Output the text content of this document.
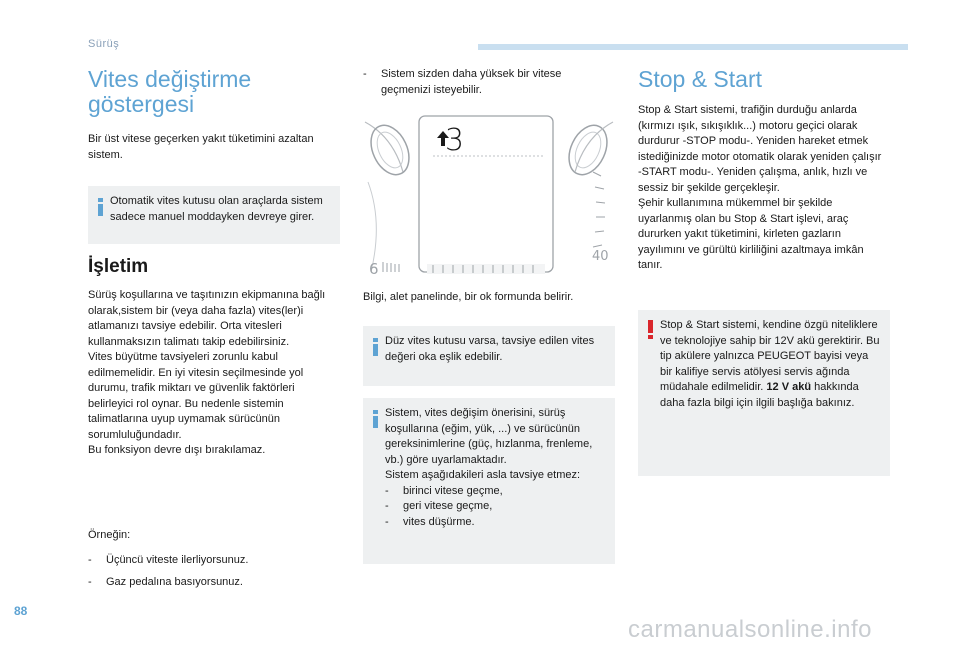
Sürüş
Vites değiştirme
göstergesi

Bir üst vitese geçerken yakıt tüketimini azaltan sistem.

Otomatik vites kutusu olan araçlarda sistem sadece manuel moddayken devreye girer.
İşletim

Sürüş koşullarına ve taşıtınızın ekipmanına bağlı olarak,sistem bir (veya daha fazla) vites(ler)i atlamanızı tavsiye edebilir. Orta vitesleri kullanmaksızın talimatı takip edebilirsiniz.

Vites büyütme tavsiyeleri zorunlu kabul edilmemelidir. En iyi vitesin seçilmesinde yol durumu, trafik miktarı ve güvenlik faktörleri belirleyici rol oynar. Bu nedenle sistemin talimatlarına uyup uymamak sürücünün sorumluluğundadır.

Bu fonksiyon devre dışı bırakılamaz.

Örneğin:

- Üçüncü viteste ilerliyorsunuz.
- Gaz pedalına basıyorsunuz.
- Sistem sizden daha yüksek bir vitese geçmenizi isteyebilir.
6
40
3
Bilgi, alet panelinde, bir ok formunda belirir.
Düz vites kutusu varsa, tavsiye edilen vites değeri oka eşlik edebilir.
Sistem, vites değişim önerisini, sürüş koşullarına (eğim, yük, ...) ve sürücünün gereksinimlerine (güç, hızlanma, frenleme, vb.) göre uyarlamaktadır.
Sistem aşağıdakileri asla tavsiye etmez:
- birinci vitese geçme,
- geri vitese geçme,
- vites düşürme.
Stop & Start

Stop & Start sistemi, trafiğin durduğu anlarda (kırmızı ışık, sıkışıklık...) motoru geçici olarak durdurur -STOP modu-. Yeniden hareket etmek istediğinizde motor otomatik olarak yeniden çalışır -START modu-. Yeniden çalışma, anlık, hızlı ve sessiz bir şekilde gerçekleşir.

Şehir kullanımına mükemmel bir şekilde uyarlanmış olan bu Stop & Start işlevi, araç dururken yakıt tüketimini, kirleten gazların yayılımını ve gürültü kirliliğini azaltmaya imkân tanır.

Stop & Start sistemi, kendine özgü niteliklere ve teknolojiye sahip bir 12V akü gerektirir. Bu tip akülere yalnızca PEUGEOT bayisi veya bir kalifiye servis atölyesi servis ağında müdahale edilmelidir. 12 V akü hakkında daha fazla bilgi için ilgili başlığa bakınız.
88
carmanualsonline.info
